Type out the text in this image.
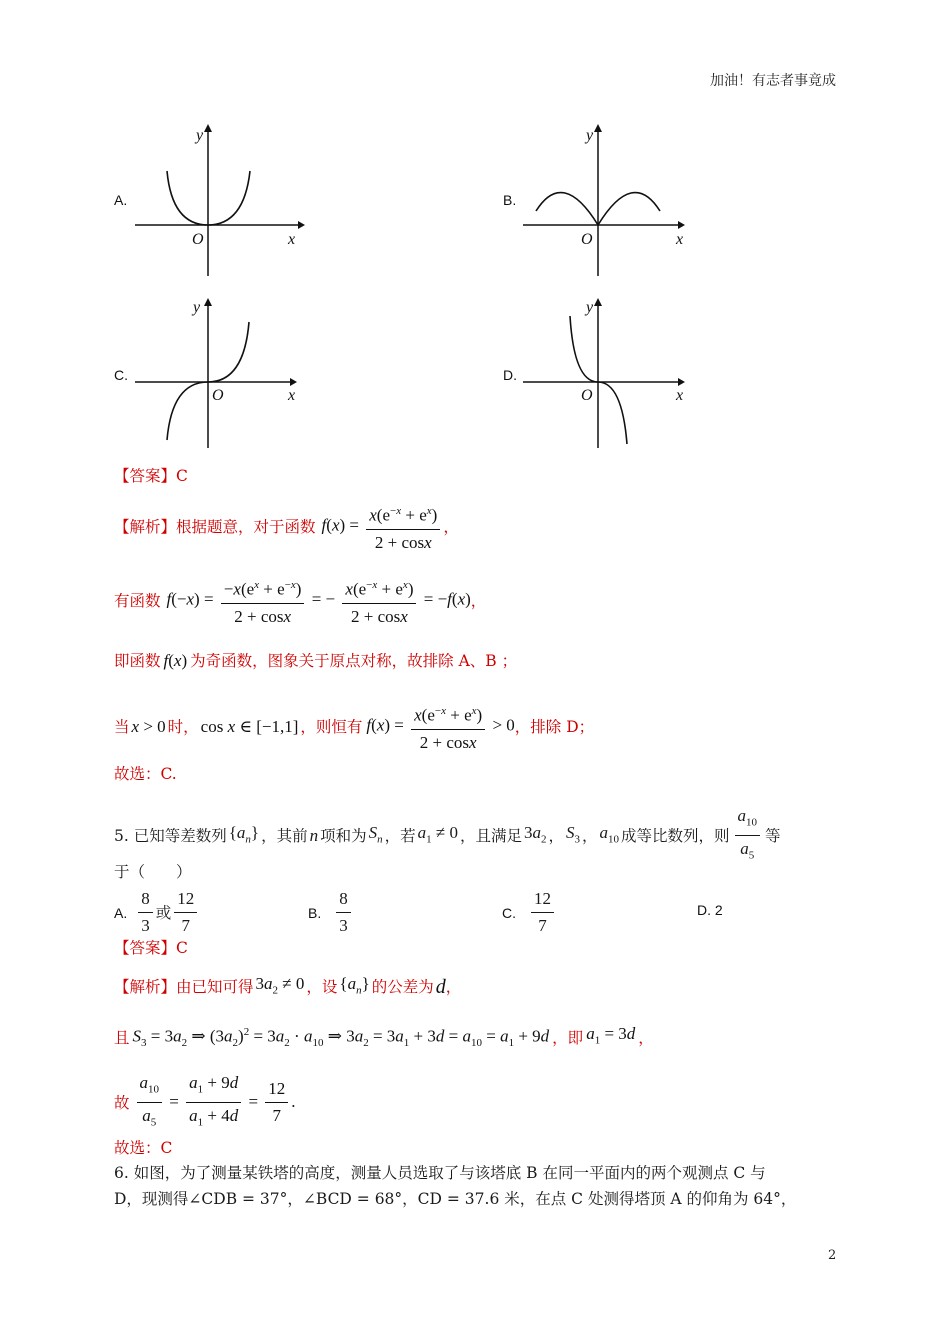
加油！有志者事竟成
A.	B.
C.	D.
y
x
O
y
x
O
y
x
O
y
x
O
【答案】C
【解析】 根据题意，对于函数 $f(x) = \frac{x(e^{-x} + e^x)}{2 + \cos x}$ ，
有函数 $f(-x) = \frac{-x(e^x + e^{-x})}{2 + \cos x}$ = − $\frac{x(e^{-x} + e^x)}{2 + \cos x} = -f(x)$ ，
即函数 f(x) 为奇函数，图象关于原点对称，故排除 A、B ；
当 x > 0 时， cos x ∈ [−1,1] ，则恒有 $f(x) = \frac{x(e^{-x} + e^x)}{2 + \cos x} > 0$ ，排除 D；
故选：C.
5. 已知等差数列 $\{a_n\}$ ，其前 n 项和为 $S_n$ ，若 $a_1 \ne 0$ ，且满足 $3a_2$ ， $S_3$ ， $a_{10}$ 成等比数列，则 $\frac{a_{10}}{a_5}$ 等
于（　　）
A. $\frac{8}{3}$ 或 $\frac{12}{7}$	B. $\frac{8}{3}$	C. $\frac{12}{7}$	D. 2
【答案】C
【解析】 由已知可得 $3a_2 \ne 0$ ，设 $\{a_n\}$ 的公差为 d ，
且 $S_3 = 3a_2$ ⇒ $(3a_2)^2 = 3a_2 \cdot a_{10}$ ⇒ $3a_2 = 3a_1 + 3d = a_{10} = a_1 + 9d$ ，即 $a_1 = 3d$ ，
故 $\frac{a_{10}}{a_5} = \frac{a_1 + 9d}{a_1 + 4d} = \frac{12}{7}$ .
故选：C
6. 如图，为了测量某铁塔的高度，测量人员选取了与该塔底 B 在同一平面内的两个观测点 C 与
D，现测得∠CDB = 37°，∠BCD = 68°，CD = 37.6 米，在点 C 处测得塔顶 A 的仰角为 64°，
2
